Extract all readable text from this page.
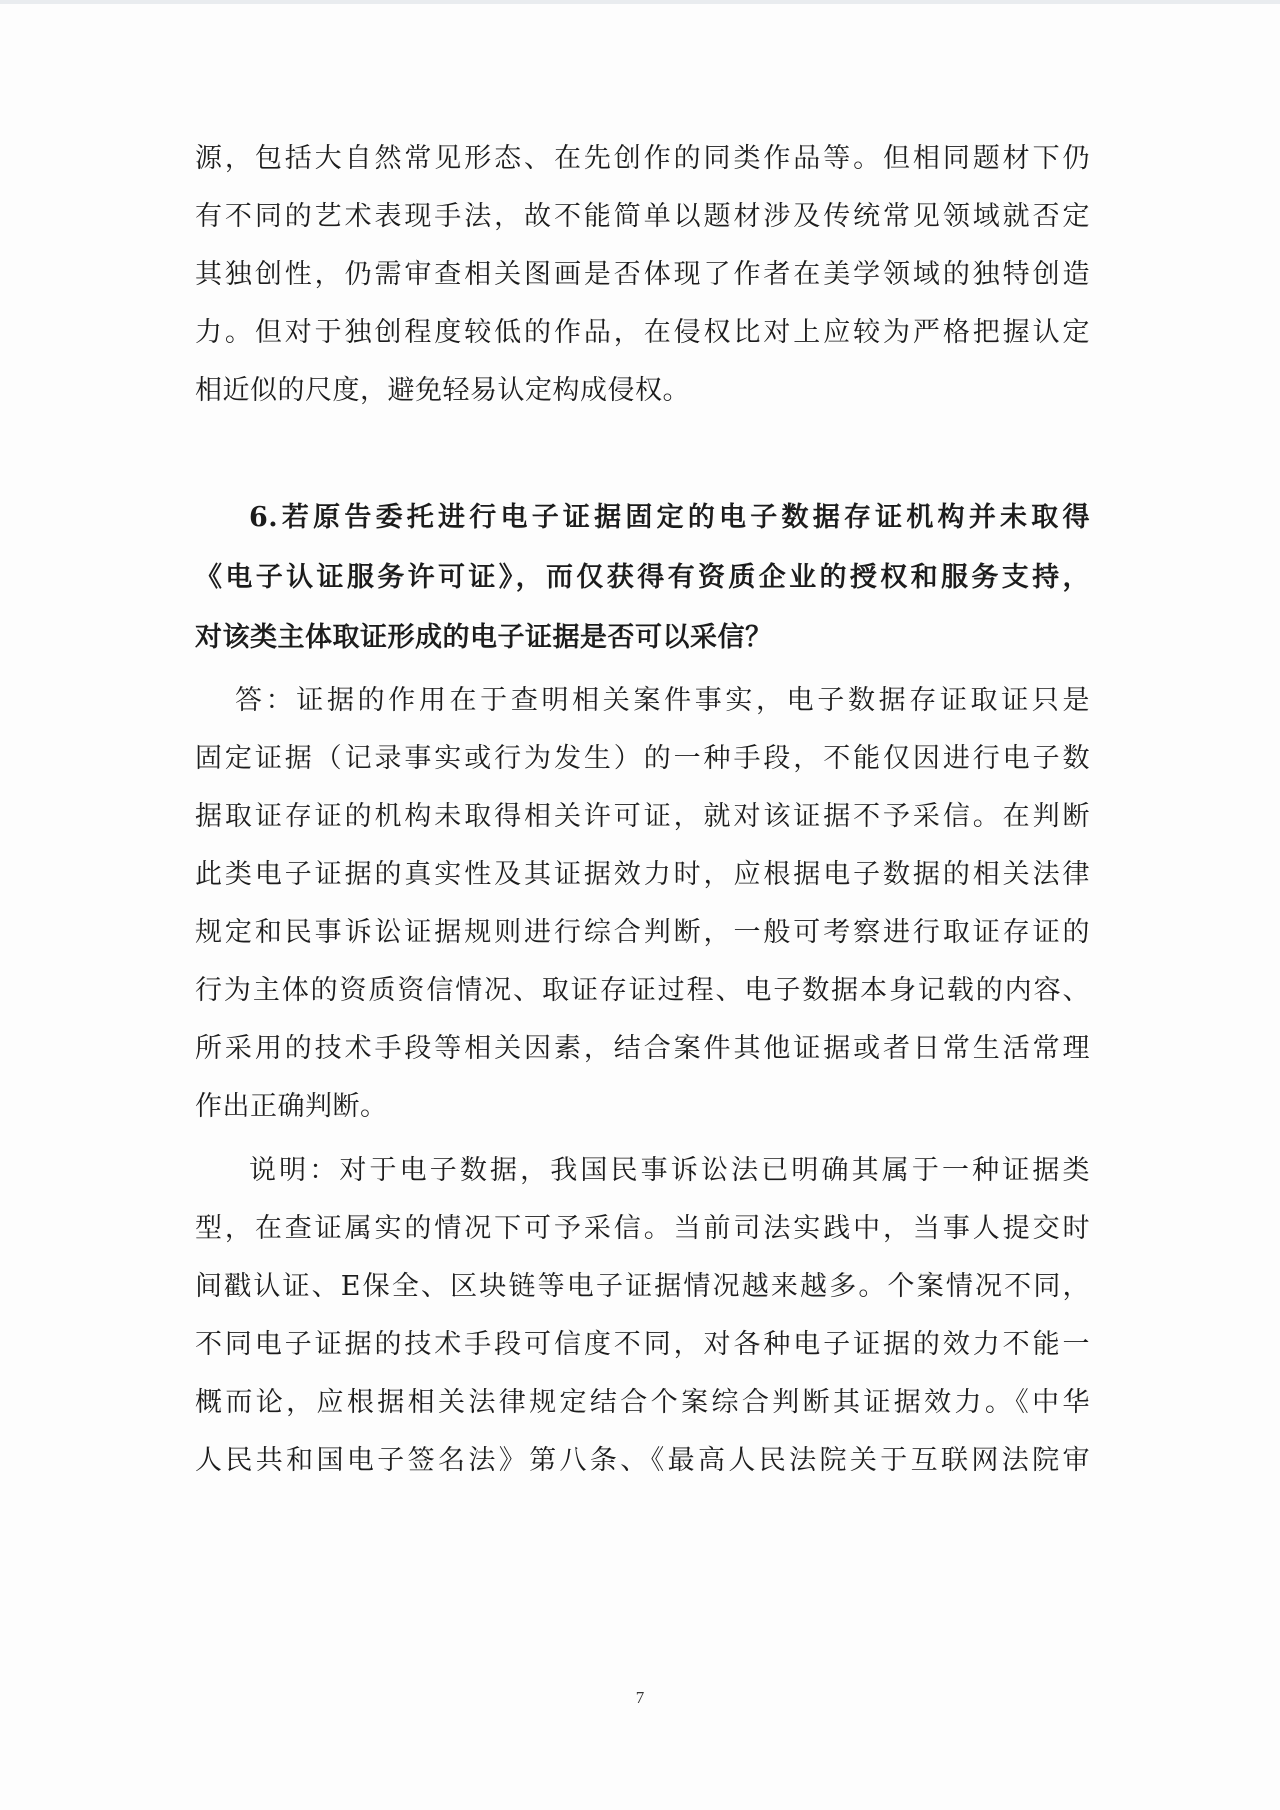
源，包括大自然常见形态、在先创作的同类作品等。但相同题材下仍
有不同的艺术表现手法，故不能简单以题材涉及传统常见领域就否定
其独创性，仍需审查相关图画是否体现了作者在美学领域的独特创造
力。但对于独创程度较低的作品，在侵权比对上应较为严格把握认定
相近似的尺度，避免轻易认定构成侵权。
6.若原告委托进行电子证据固定的电子数据存证机构并未取得
《电子认证服务许可证》，而仅获得有资质企业的授权和服务支持，
对该类主体取证形成的电子证据是否可以采信？
答：证据的作用在于查明相关案件事实，电子数据存证取证只是
固定证据（记录事实或行为发生）的一种手段，不能仅因进行电子数
据取证存证的机构未取得相关许可证，就对该证据不予采信。在判断
此类电子证据的真实性及其证据效力时，应根据电子数据的相关法律
规定和民事诉讼证据规则进行综合判断，一般可考察进行取证存证的
行为主体的资质资信情况、取证存证过程、电子数据本身记载的内容、
所采用的技术手段等相关因素，结合案件其他证据或者日常生活常理
作出正确判断。
说明：对于电子数据，我国民事诉讼法已明确其属于一种证据类
型，在查证属实的情况下可予采信。当前司法实践中，当事人提交时
间戳认证、E保全、区块链等电子证据情况越来越多。个案情况不同，
不同电子证据的技术手段可信度不同，对各种电子证据的效力不能一
概而论，应根据相关法律规定结合个案综合判断其证据效力。《中华
人民共和国电子签名法》第八条、《最高人民法院关于互联网法院审
7
